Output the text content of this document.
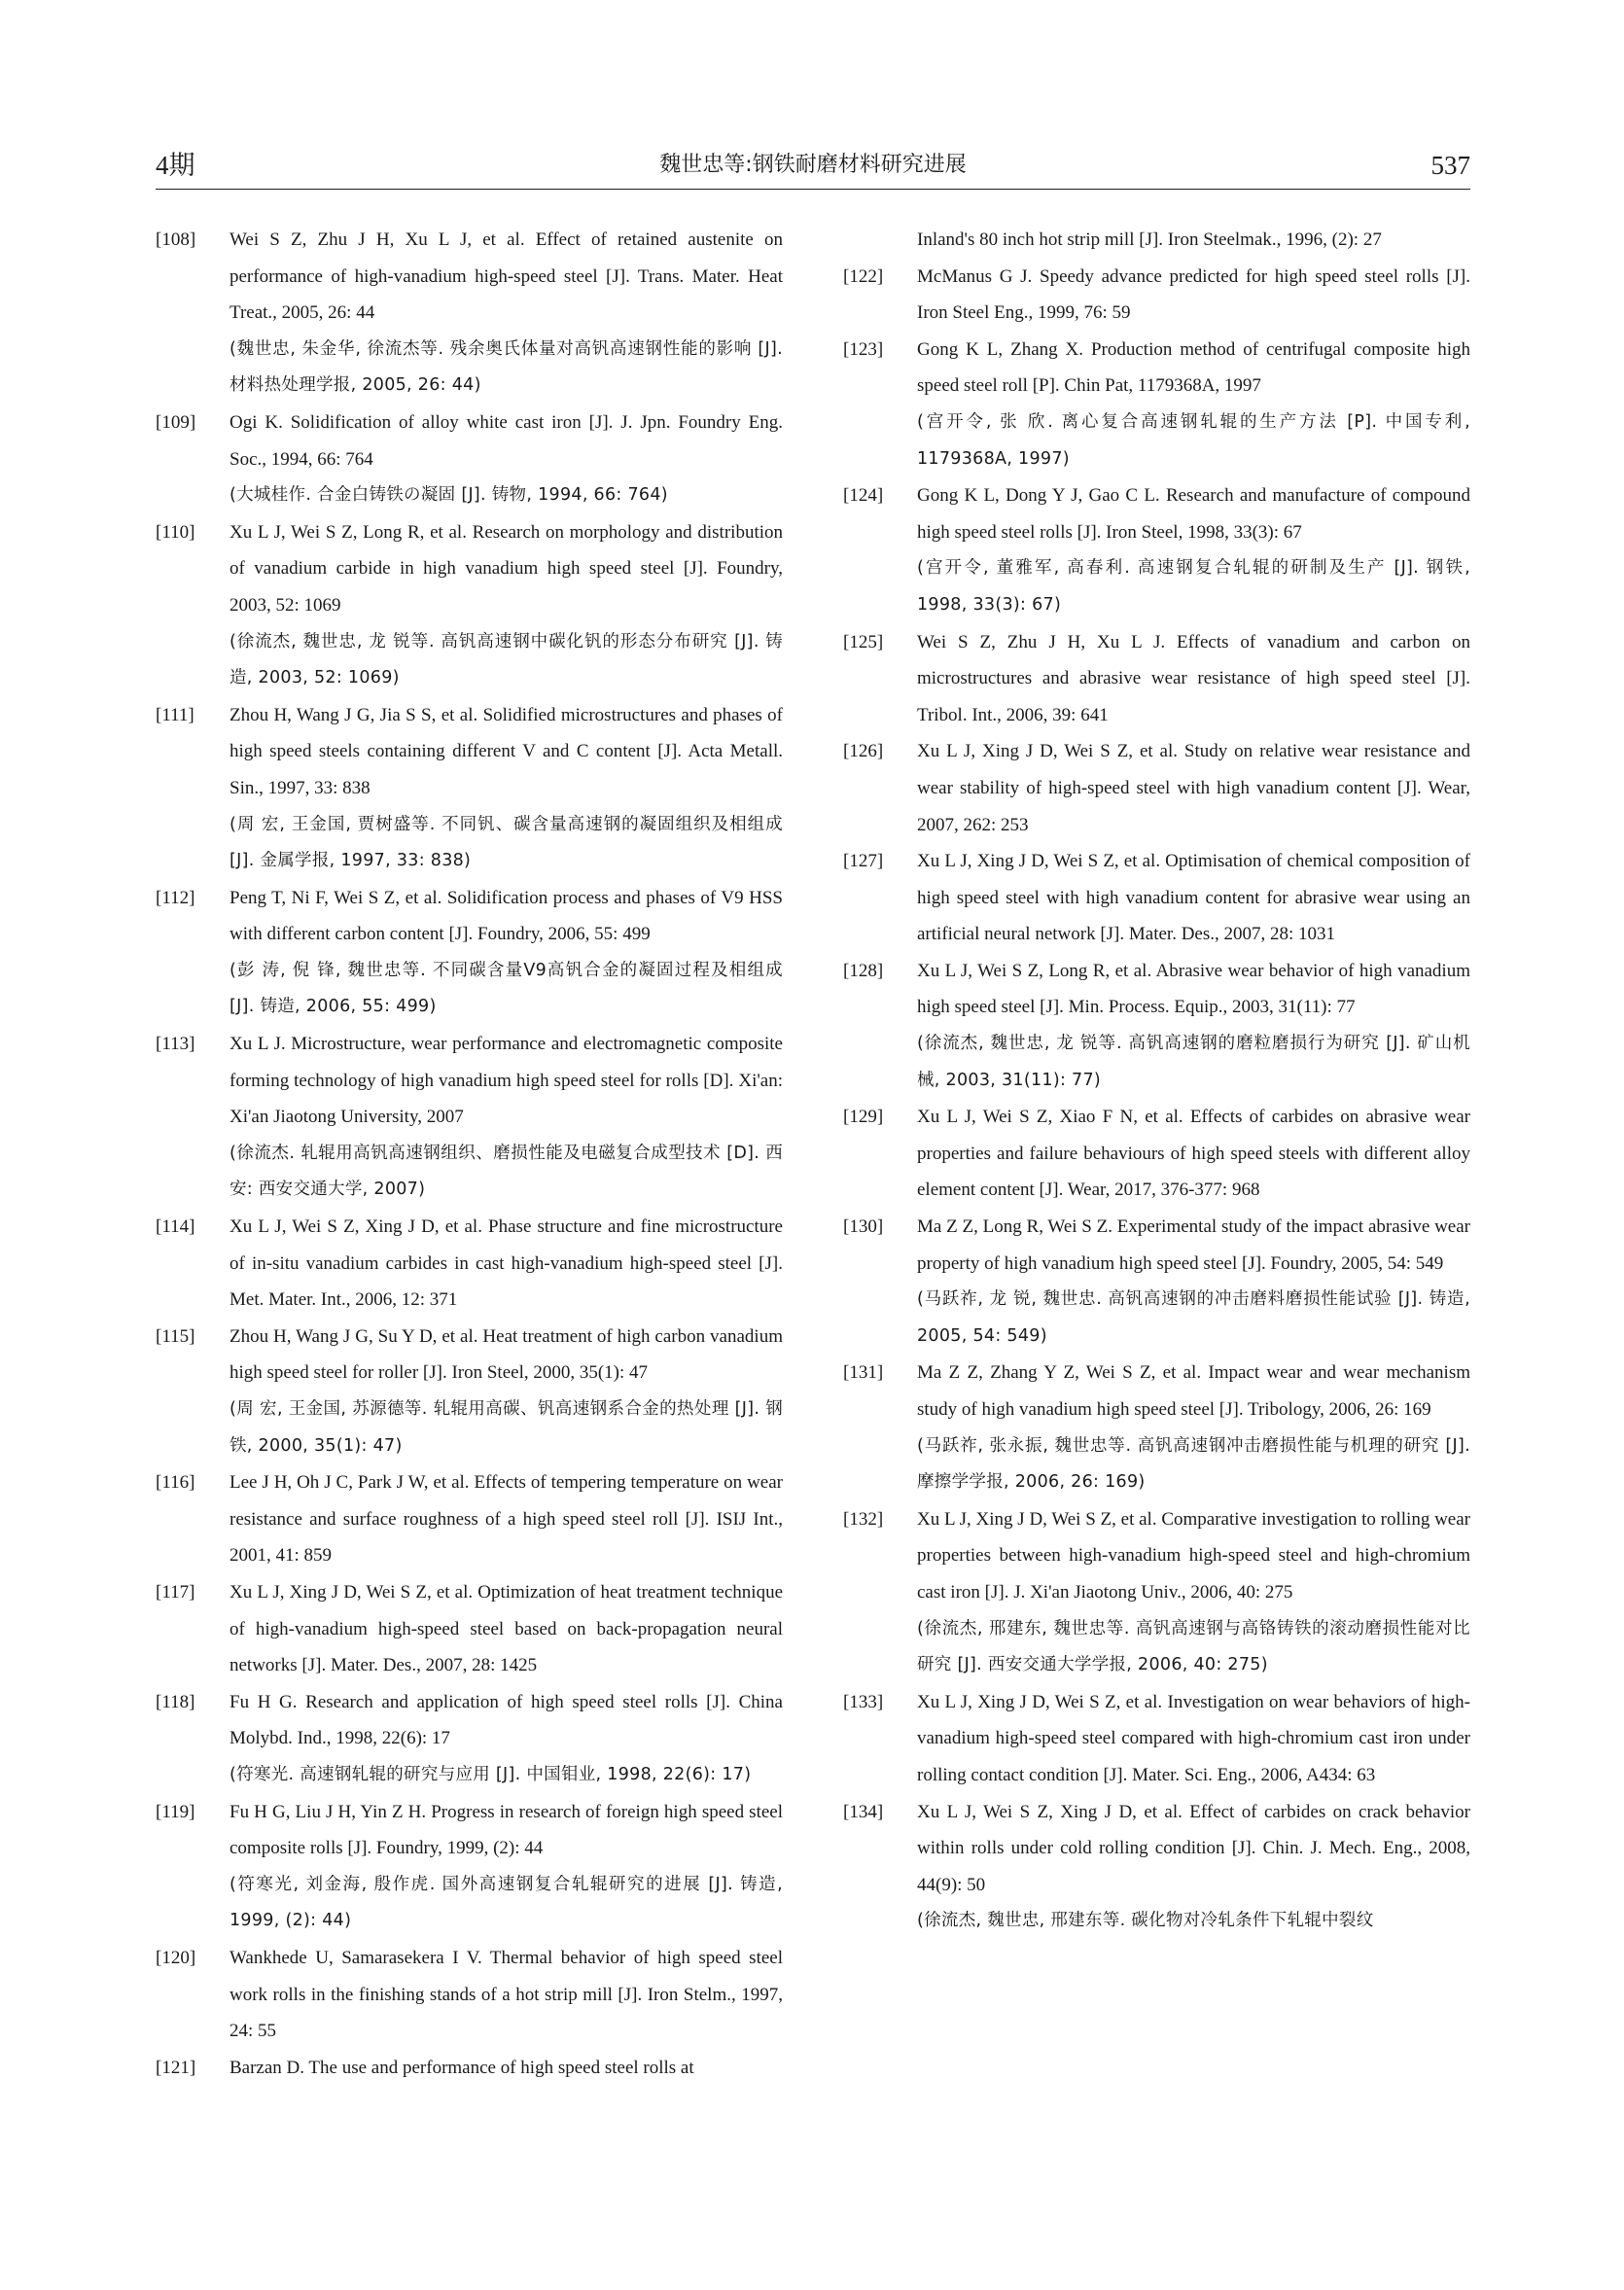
4期	魏世忠等:钢铁耐磨材料研究进展	537
[108] Wei S Z, Zhu J H, Xu L J, et al. Effect of retained austenite on performance of high-vanadium high-speed steel [J]. Trans. Mater. Heat Treat., 2005, 26: 44
(魏世忠, 朱金华, 徐流杰等. 残余奥氏体量对高钒高速钢性能的影响 [J]. 材料热处理学报, 2005, 26: 44)
[109] Ogi K. Solidification of alloy white cast iron [J]. J. Jpn. Foundry Eng. Soc., 1994, 66: 764
(大城桂作. 合金白铸铁の凝固 [J]. 铸物, 1994, 66: 764)
[110] Xu L J, Wei S Z, Long R, et al. Research on morphology and distribution of vanadium carbide in high vanadium high speed steel [J]. Foundry, 2003, 52: 1069
(徐流杰, 魏世忠, 龙 锐等. 高钒高速钢中碳化钒的形态分布研究 [J]. 铸造, 2003, 52: 1069)
[111] Zhou H, Wang J G, Jia S S, et al. Solidified microstructures and phases of high speed steels containing different V and C content [J]. Acta Metall. Sin., 1997, 33: 838
(周 宏, 王金国, 贾树盛等. 不同钒、碳含量高速钢的凝固组织及相组成 [J]. 金属学报, 1997, 33: 838)
[112] Peng T, Ni F, Wei S Z, et al. Solidification process and phases of V9 HSS with different carbon content [J]. Foundry, 2006, 55: 499
(彭 涛, 倪 锋, 魏世忠等. 不同碳含量V9高钒合金的凝固过程及相组成 [J]. 铸造, 2006, 55: 499)
[113] Xu L J. Microstructure, wear performance and electromagnetic composite forming technology of high vanadium high speed steel for rolls [D]. Xi'an: Xi'an Jiaotong University, 2007
(徐流杰. 轧辊用高钒高速钢组织、磨损性能及电磁复合成型技术 [D]. 西安: 西安交通大学, 2007)
[114] Xu L J, Wei S Z, Xing J D, et al. Phase structure and fine microstructure of in-situ vanadium carbides in cast high-vanadium high-speed steel [J]. Met. Mater. Int., 2006, 12: 371
[115] Zhou H, Wang J G, Su Y D, et al. Heat treatment of high carbon vanadium high speed steel for roller [J]. Iron Steel, 2000, 35(1): 47
(周 宏, 王金国, 苏源德等. 轧辊用高碳、钒高速钢系合金的热处理 [J]. 钢铁, 2000, 35(1): 47)
[116] Lee J H, Oh J C, Park J W, et al. Effects of tempering temperature on wear resistance and surface roughness of a high speed steel roll [J]. ISIJ Int., 2001, 41: 859
[117] Xu L J, Xing J D, Wei S Z, et al. Optimization of heat treatment technique of high-vanadium high-speed steel based on back-propagation neural networks [J]. Mater. Des., 2007, 28: 1425
[118] Fu H G. Research and application of high speed steel rolls [J]. China Molybd. Ind., 1998, 22(6): 17
(符寒光. 高速钢轧辊的研究与应用 [J]. 中国钼业, 1998, 22(6): 17)
[119] Fu H G, Liu J H, Yin Z H. Progress in research of foreign high speed steel composite rolls [J]. Foundry, 1999, (2): 44
(符寒光, 刘金海, 殷作虎. 国外高速钢复合轧辊研究的进展 [J]. 铸造, 1999, (2): 44)
[120] Wankhede U, Samarasekera I V. Thermal behavior of high speed steel work rolls in the finishing stands of a hot strip mill [J]. Iron Stelm., 1997, 24: 55
[121] Barzan D. The use and performance of high speed steel rolls at
Inland's 80 inch hot strip mill [J]. Iron Steelmak., 1996, (2): 27
[122] McManus G J. Speedy advance predicted for high speed steel rolls [J]. Iron Steel Eng., 1999, 76: 59
[123] Gong K L, Zhang X. Production method of centrifugal composite high speed steel roll [P]. Chin Pat, 1179368A, 1997
(宫开令, 张 欣. 离心复合高速钢轧辊的生产方法 [P]. 中国专利, 1179368A, 1997)
[124] Gong K L, Dong Y J, Gao C L. Research and manufacture of compound high speed steel rolls [J]. Iron Steel, 1998, 33(3): 67
(宫开令, 董雅军, 高春利. 高速钢复合轧辊的研制及生产 [J]. 钢铁, 1998, 33(3): 67)
[125] Wei S Z, Zhu J H, Xu L J. Effects of vanadium and carbon on microstructures and abrasive wear resistance of high speed steel [J]. Tribol. Int., 2006, 39: 641
[126] Xu L J, Xing J D, Wei S Z, et al. Study on relative wear resistance and wear stability of high-speed steel with high vanadium content [J]. Wear, 2007, 262: 253
[127] Xu L J, Xing J D, Wei S Z, et al. Optimisation of chemical composition of high speed steel with high vanadium content for abrasive wear using an artificial neural network [J]. Mater. Des., 2007, 28: 1031
[128] Xu L J, Wei S Z, Long R, et al. Abrasive wear behavior of high vanadium high speed steel [J]. Min. Process. Equip., 2003, 31(11): 77
(徐流杰, 魏世忠, 龙 锐等. 高钒高速钢的磨粒磨损行为研究 [J]. 矿山机械, 2003, 31(11): 77)
[129] Xu L J, Wei S Z, Xiao F N, et al. Effects of carbides on abrasive wear properties and failure behaviours of high speed steels with different alloy element content [J]. Wear, 2017, 376-377: 968
[130] Ma Z Z, Long R, Wei S Z. Experimental study of the impact abrasive wear property of high vanadium high speed steel [J]. Foundry, 2005, 54: 549
(马跃祚, 龙 锐, 魏世忠. 高钒高速钢的冲击磨料磨损性能试验 [J]. 铸造, 2005, 54: 549)
[131] Ma Z Z, Zhang Y Z, Wei S Z, et al. Impact wear and wear mechanism study of high vanadium high speed steel [J]. Tribology, 2006, 26: 169
(马跃祚, 张永振, 魏世忠等. 高钒高速钢冲击磨损性能与机理的研究 [J]. 摩擦学学报, 2006, 26: 169)
[132] Xu L J, Xing J D, Wei S Z, et al. Comparative investigation to rolling wear properties between high-vanadium high-speed steel and high-chromium cast iron [J]. J. Xi'an Jiaotong Univ., 2006, 40: 275
(徐流杰, 邢建东, 魏世忠等. 高钒高速钢与高铬铸铁的滚动磨损性能对比研究 [J]. 西安交通大学学报, 2006, 40: 275)
[133] Xu L J, Xing J D, Wei S Z, et al. Investigation on wear behaviors of high-vanadium high-speed steel compared with high-chromium cast iron under rolling contact condition [J]. Mater. Sci. Eng., 2006, A434: 63
[134] Xu L J, Wei S Z, Xing J D, et al. Effect of carbides on crack behavior within rolls under cold rolling condition [J]. Chin. J. Mech. Eng., 2008, 44(9): 50
(徐流杰, 魏世忠, 邢建东等. 碳化物对冷轧条件下轧辊中裂纹
